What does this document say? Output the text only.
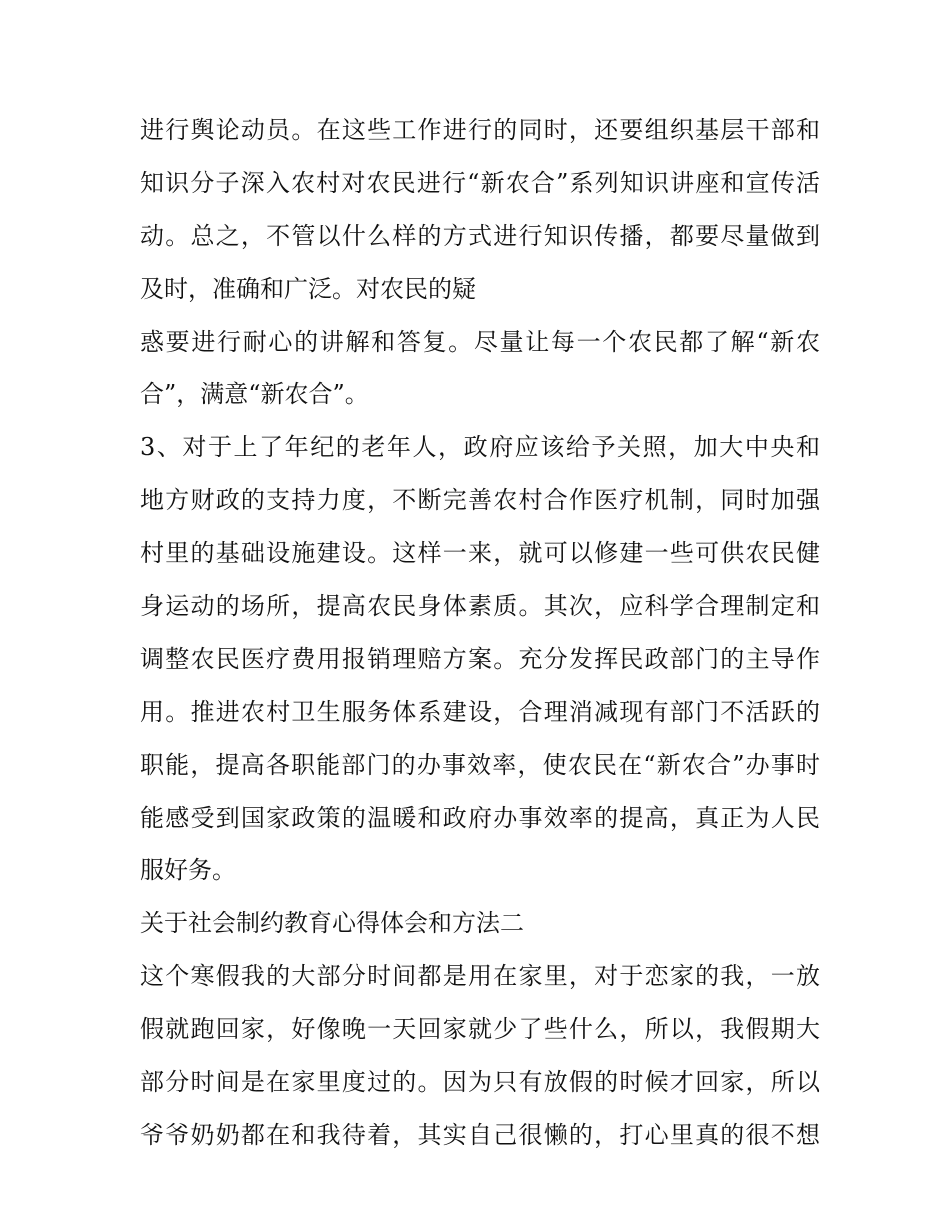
进行舆论动员。在这些工作进行的同时，还要组织基层干部和
知识分子深入农村对农民进行“新农合”系列知识讲座和宣传活
动。总之，不管以什么样的方式进行知识传播，都要尽量做到
及时，准确和广泛。对农民的疑
惑要进行耐心的讲解和答复。尽量让每一个农民都了解“新农
合”，满意“新农合”。
3、对于上了年纪的老年人，政府应该给予关照，加大中央和
地方财政的支持力度，不断完善农村合作医疗机制，同时加强
村里的基础设施建设。这样一来，就可以修建一些可供农民健
身运动的场所，提高农民身体素质。其次，应科学合理制定和
调整农民医疗费用报销理赔方案。充分发挥民政部门的主导作
用。推进农村卫生服务体系建设，合理消减现有部门不活跃的
职能，提高各职能部门的办事效率，使农民在“新农合”办事时
能感受到国家政策的温暖和政府办事效率的提高，真正为人民
服好务。
关于社会制约教育心得体会和方法二
这个寒假我的大部分时间都是用在家里，对于恋家的我，一放
假就跑回家，好像晚一天回家就少了些什么，所以，我假期大
部分时间是在家里度过的。因为只有放假的时候才回家，所以
爷爷奶奶都在和我待着，其实自己很懒的，打心里真的很不想
